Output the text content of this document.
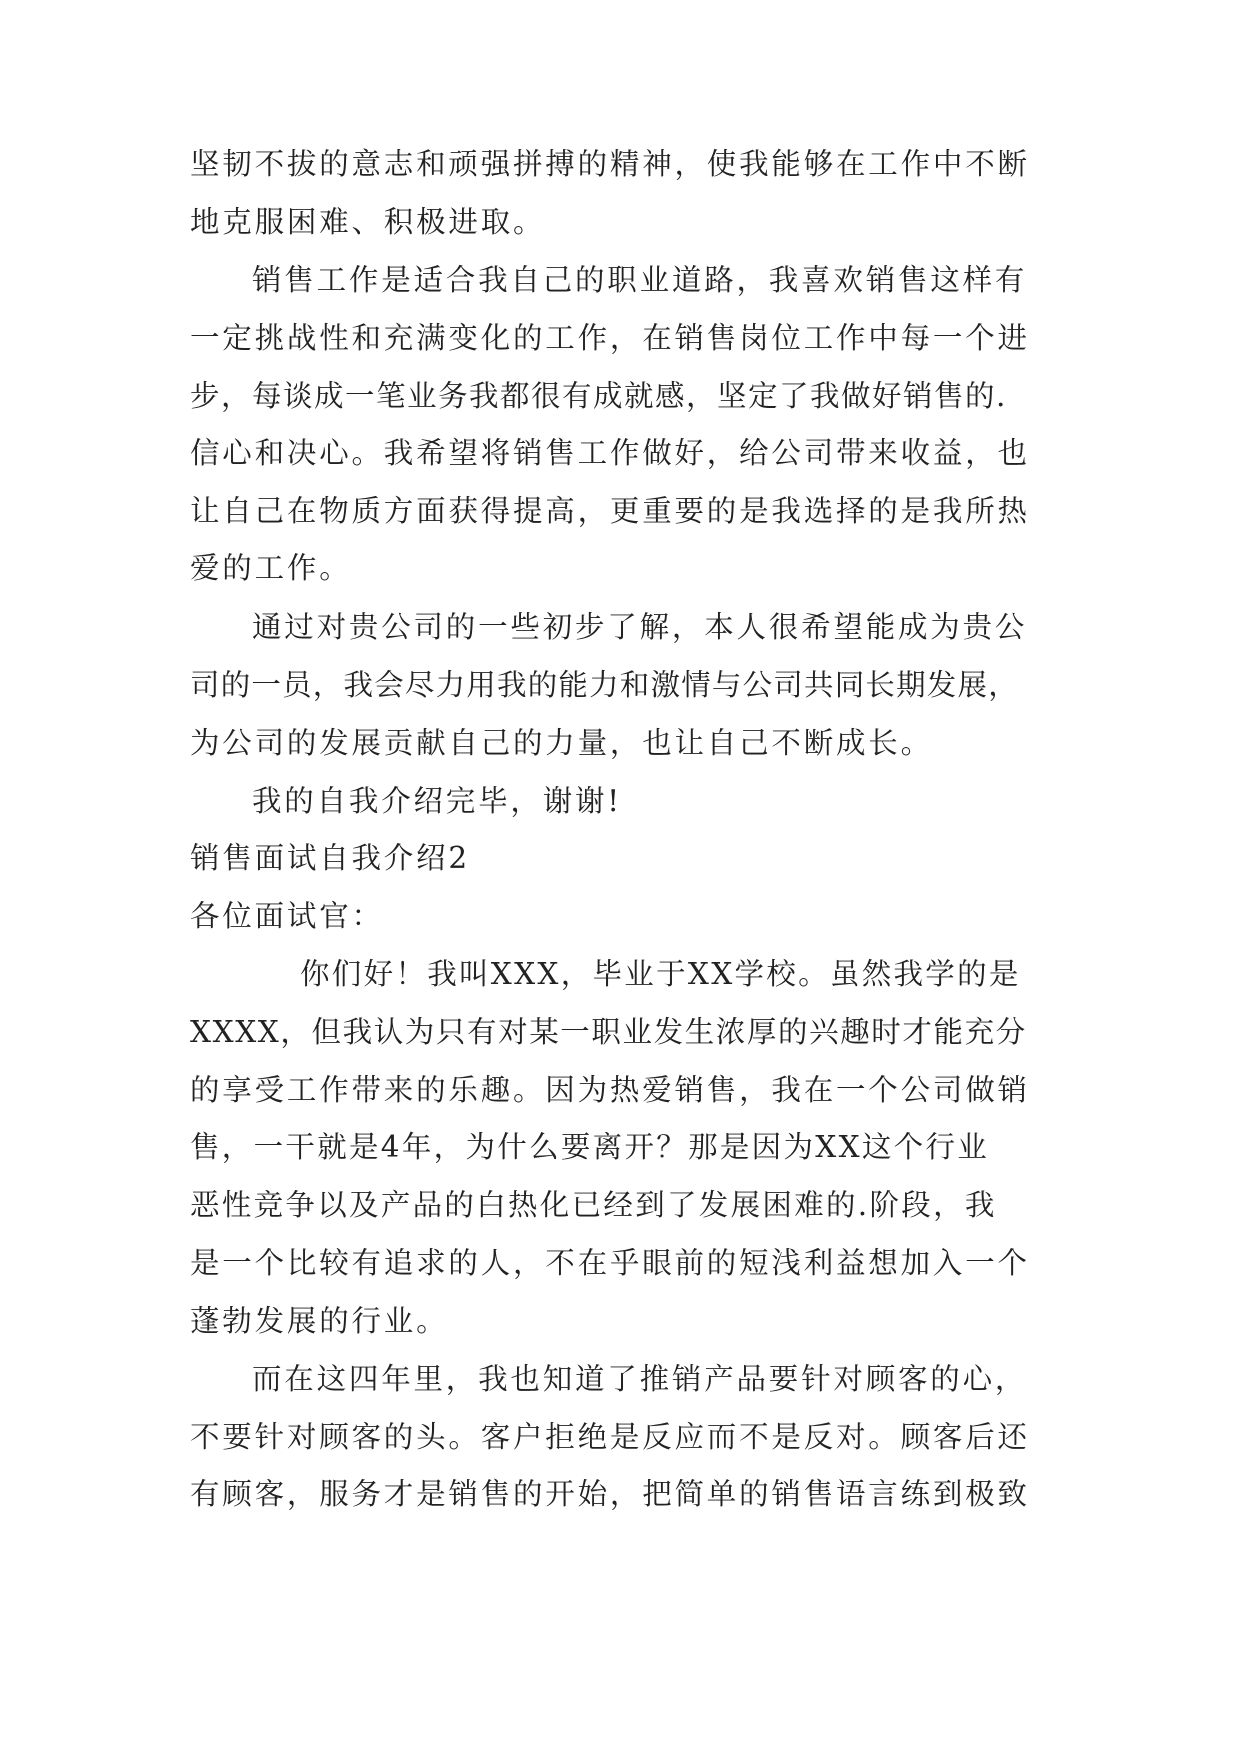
坚韧不拔的意志和顽强拼搏的精神，使我能够在工作中不断

地克服困难、积极进取。

销售工作是适合我自己的职业道路，我喜欢销售这样有

一定挑战性和充满变化的工作，在销售岗位工作中每一个进

步，每谈成一笔业务我都很有成就感，坚定了我做好销售的.

信心和决心。我希望将销售工作做好，给公司带来收益，也

让自己在物质方面获得提高，更重要的是我选择的是我所热

爱的工作。

通过对贵公司的一些初步了解，本人很希望能成为贵公

司的一员，我会尽力用我的能力和激情与公司共同长期发展，

为公司的发展贡献自己的力量，也让自己不断成长。

我的自我介绍完毕，谢谢!

销售面试自我介绍2

各位面试官：

你们好！我叫XXX，毕业于XX学校。虽然我学的是

XXXX，但我认为只有对某一职业发生浓厚的兴趣时才能充分

的享受工作带来的乐趣。因为热爱销售，我在一个公司做销

售，一干就是4年，为什么要离开？那是因为XX这个行业

恶性竞争以及产品的白热化已经到了发展困难的.阶段，我

是一个比较有追求的人，不在乎眼前的短浅利益想加入一个

蓬勃发展的行业。

而在这四年里，我也知道了推销产品要针对顾客的心，

不要针对顾客的头。客户拒绝是反应而不是反对。顾客后还

有顾客，服务才是销售的开始，把简单的销售语言练到极致
